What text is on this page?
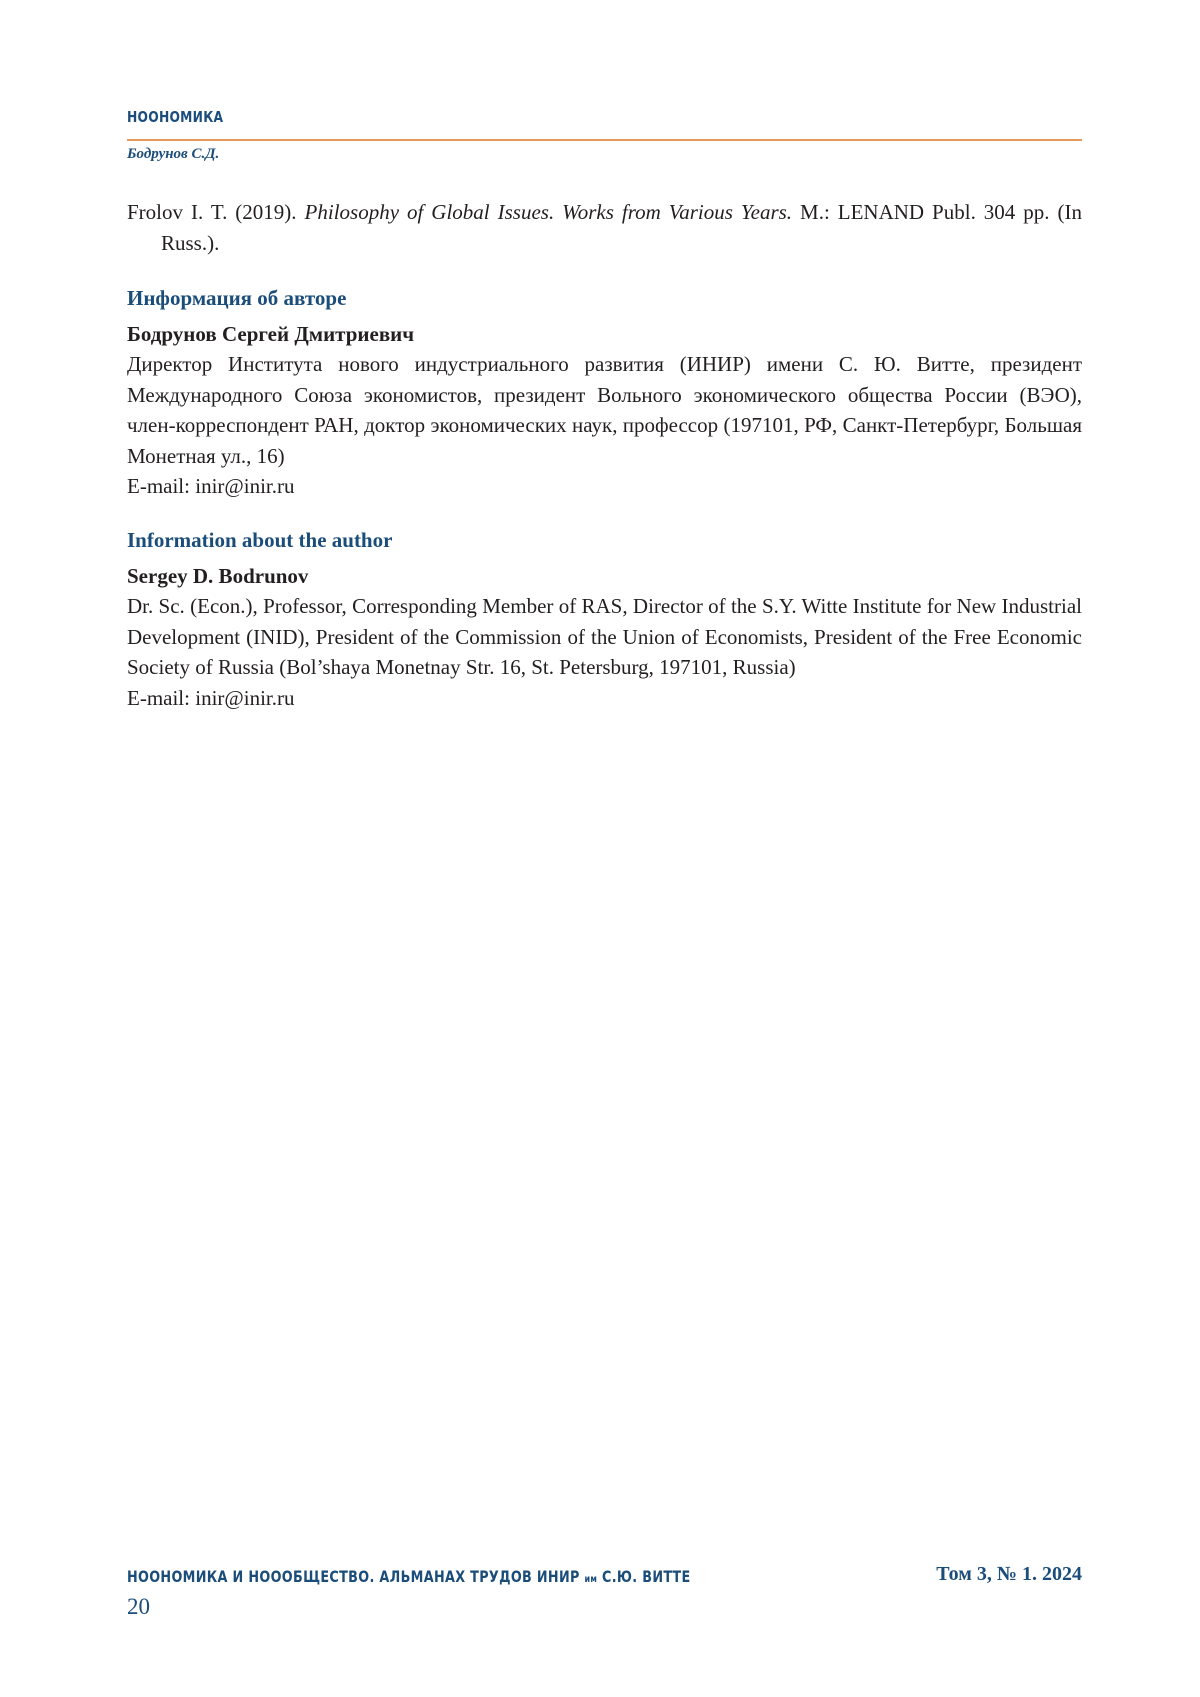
НООНОМИКА
Бодрунов С.Д.

Frolov I. T. (2019). Philosophy of Global Issues. Works from Various Years. M.: LENAND Publ. 304 pp. (In Russ.).

Информация об авторе

Бодрунов Сергей Дмитриевич

Директор Института нового индустриального развития (ИНИР) имени С. Ю. Витте, президент Международного Союза экономистов, президент Вольного экономического общества России (ВЭО), член-корреспондент РАН, доктор экономических наук, профессор (197101, РФ, Санкт-Петербург, Большая Монетная ул., 16)

E-mail: inir@inir.ru

Information about the author

Sergey D. Bodrunov

Dr. Sc. (Econ.), Professor, Corresponding Member of RAS, Director of the S.Y. Witte Institute for New Industrial Development (INID), President of the Commission of the Union of Economists, President of the Free Economic Society of Russia (Bol’shaya Monetnay Str. 16, St. Petersburg, 197101, Russia)

E-mail: inir@inir.ru

НООНОМИКА И НОООБЩЕСТВО. АЛЬМАНАХ ТРУДОВ ИНИР им С.Ю. ВИТТЕ	Том 3, № 1. 2024
20
